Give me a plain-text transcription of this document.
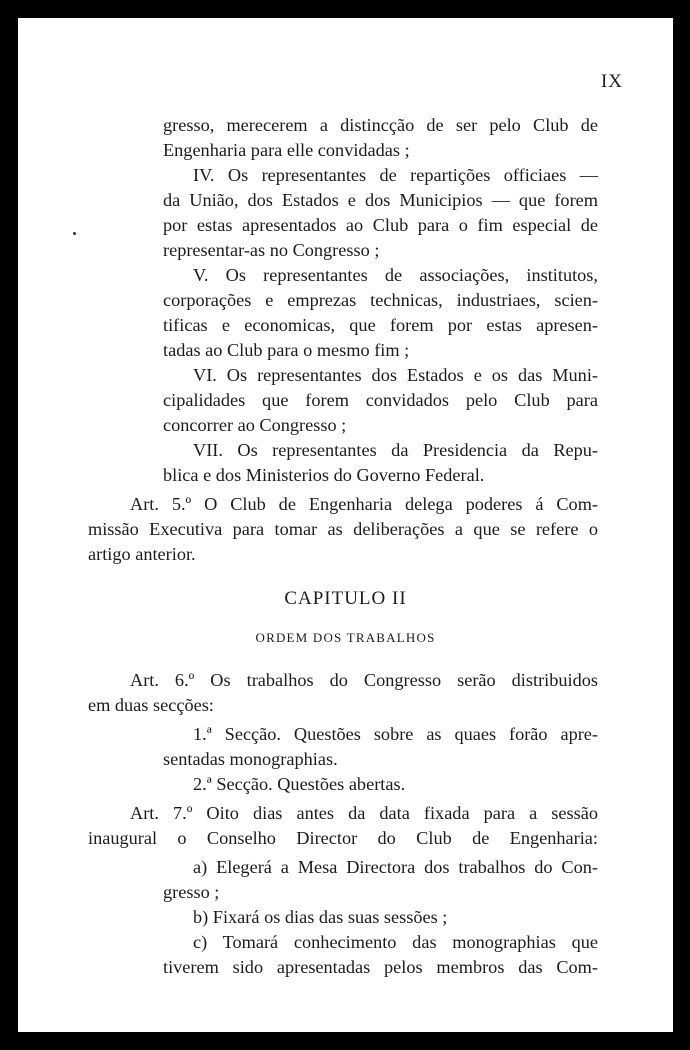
IX
gresso, merecerem a distincção de ser pelo Club de
Engenharia para elle convidadas ;
IV. Os representantes de repartições officiaes —
da União, dos Estados e dos Municipios — que forem
por estas apresentados ao Club para o fim especial de
representar-as no Congresso ;
V. Os representantes de associações, institutos,
corporações e emprezas technicas, industriaes, scien-
tificas e economicas, que forem por estas apresen-
tadas ao Club para o mesmo fim ;
VI. Os representantes dos Estados e os das Muni-
cipalidades que forem convidados pelo Club para
concorrer ao Congresso ;
VII. Os representantes da Presidencia da Repu-
blica e dos Ministerios do Governo Federal.
Art. 5.º O Club de Engenharia delega poderes á Com-
missão Executiva para tomar as deliberações a que se refere o
artigo anterior.
CAPITULO II
ORDEM DOS TRABALHOS
Art. 6.º Os trabalhos do Congresso serão distribuidos
em duas secções:
1.ª Secção. Questões sobre as quaes forão apre-
sentadas monographias.
2.ª Secção. Questões abertas.
Art. 7.º Oito dias antes da data fixada para a sessão
inaugural o Conselho Director do Club de Engenharia:
a) Elegerá a Mesa Directora dos trabalhos do Con-
gresso ;
b) Fixará os dias das suas sessões ;
c) Tomará conhecimento das monographias que
tiverem sido apresentadas pelos membros das Com-
